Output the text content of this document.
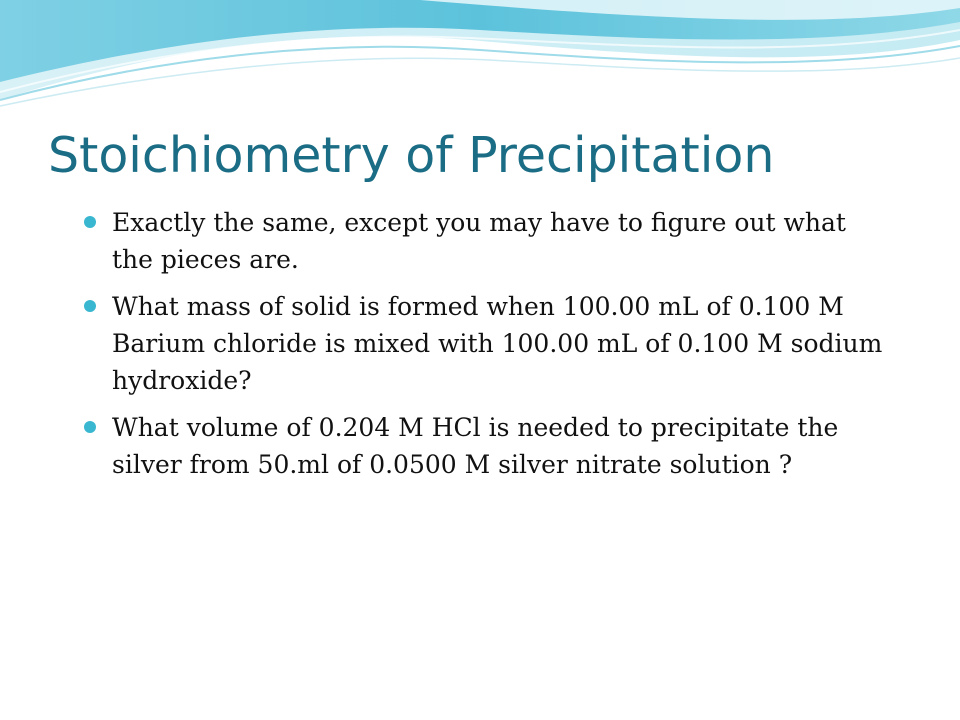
Stoichiometry of Precipitation
Exactly the same, except you may have to figure out what the pieces are.
What mass of solid is formed when 100.00 mL of 0.100 M Barium chloride is mixed with 100.00 mL of 0.100 M sodium hydroxide?
What volume of 0.204 M HCl is needed to precipitate the silver from 50.ml of 0.0500 M silver nitrate solution ?
